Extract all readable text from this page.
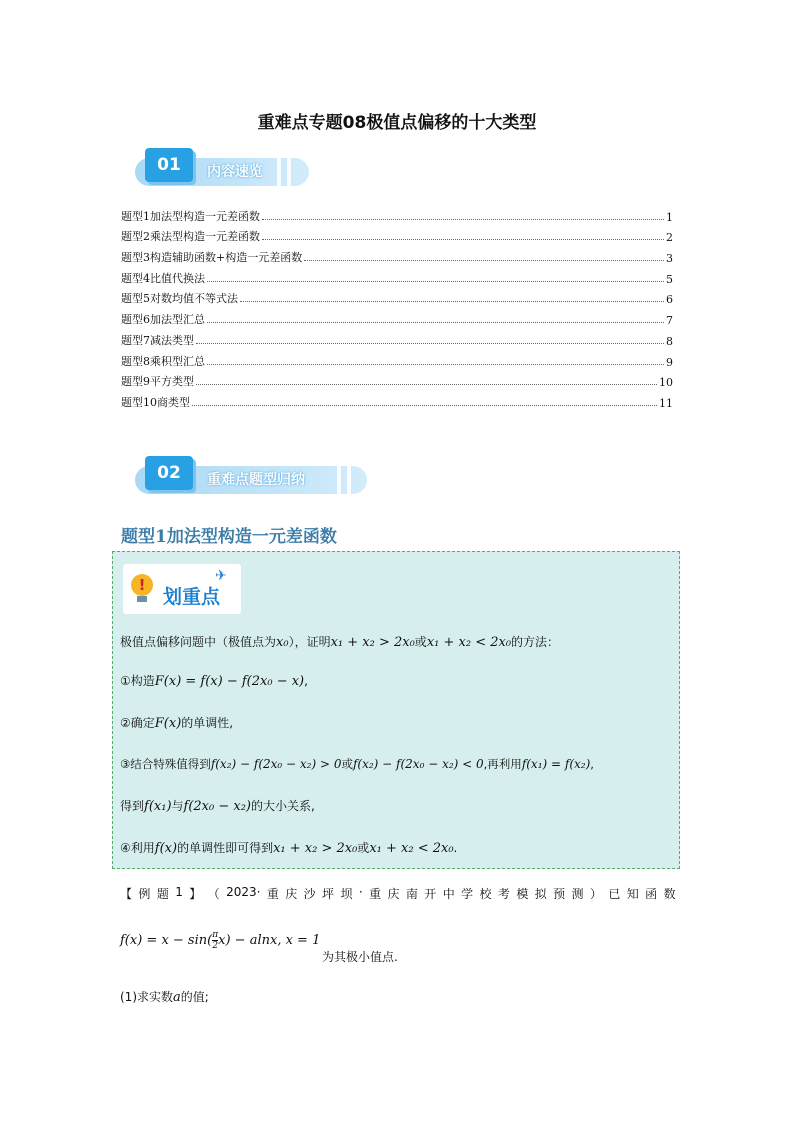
重难点专题08极值点偏移的十大类型
01	内容速览
题型1加法型构造一元差函数	1
题型2乘法型构造一元差函数	2
题型3构造辅助函数+构造一元差函数	3
题型4比值代换法	5
题型5对数均值不等式法	6
题型6加法型汇总	7
题型7减法类型	8
题型8乘积型汇总	9
题型9平方类型	10
题型10商类型	11
02	重难点题型归纳
题型1加法型构造一元差函数
!
划重点
✈
极值点偏移问题中（极值点为x₀），证明x₁ + x₂ > 2x₀或x₁ + x₂ < 2x₀的方法：
①构造F(x) = f(x) − f(2x₀ − x),
②确定F(x)的单调性,
③结合特殊值得到f(x₂) − f(2x₀ − x₂) > 0或f(x₂) − f(2x₀ − x₂) < 0,再利用f(x₁) = f(x₂),
得到f(x₁)与f(2x₀ − x₂)的大小关系,
④利用f(x)的单调性即可得到x₁ + x₂ > 2x₀或x₁ + x₂ < 2x₀.
【 例 题 1 】 （ 2023· 重 庆 沙 坪 坝 · 重 庆 南 开 中 学 校 考 模 拟 预 测 ） 已 知 函 数
$f(x) = x - \sin( \frac{\pi}{2} x) - alnx$, x = 1
为其极小值点.
(1)求实数a的值;
